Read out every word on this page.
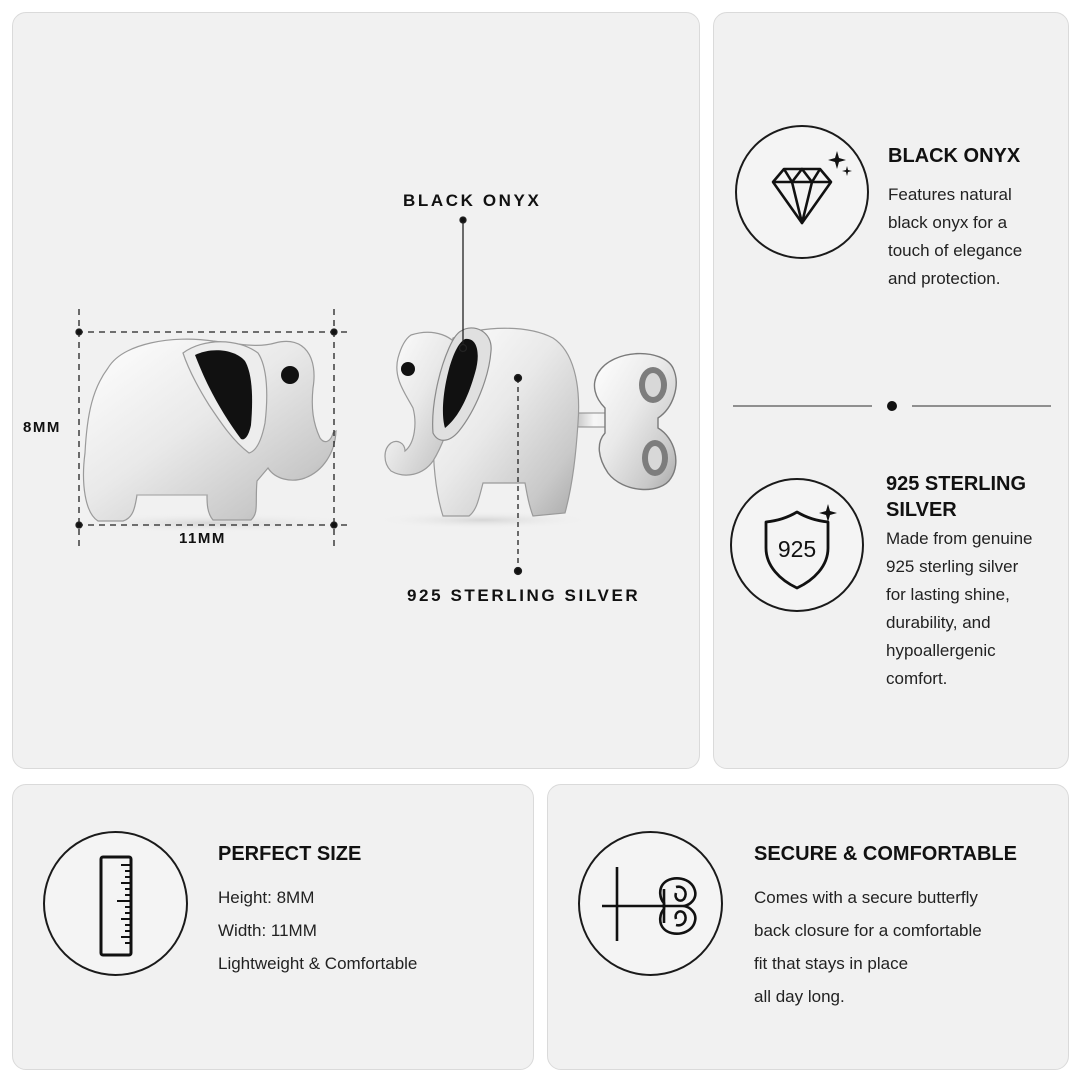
BLACK ONYX
925 STERLING SILVER
8MM
11MM
BLACK ONYX
Features natural
black onyx for a
touch of elegance
and protection.
925
925 STERLING
SILVER
Made from genuine
925 sterling silver
for lasting shine,
durability, and
hypoallergenic
comfort.
PERFECT SIZE
Height: 8MM
Width: 11MM
Lightweight & Comfortable
SECURE & COMFORTABLE
Comes with a secure butterfly
back closure for a comfortable
fit that stays in place
all day long.
